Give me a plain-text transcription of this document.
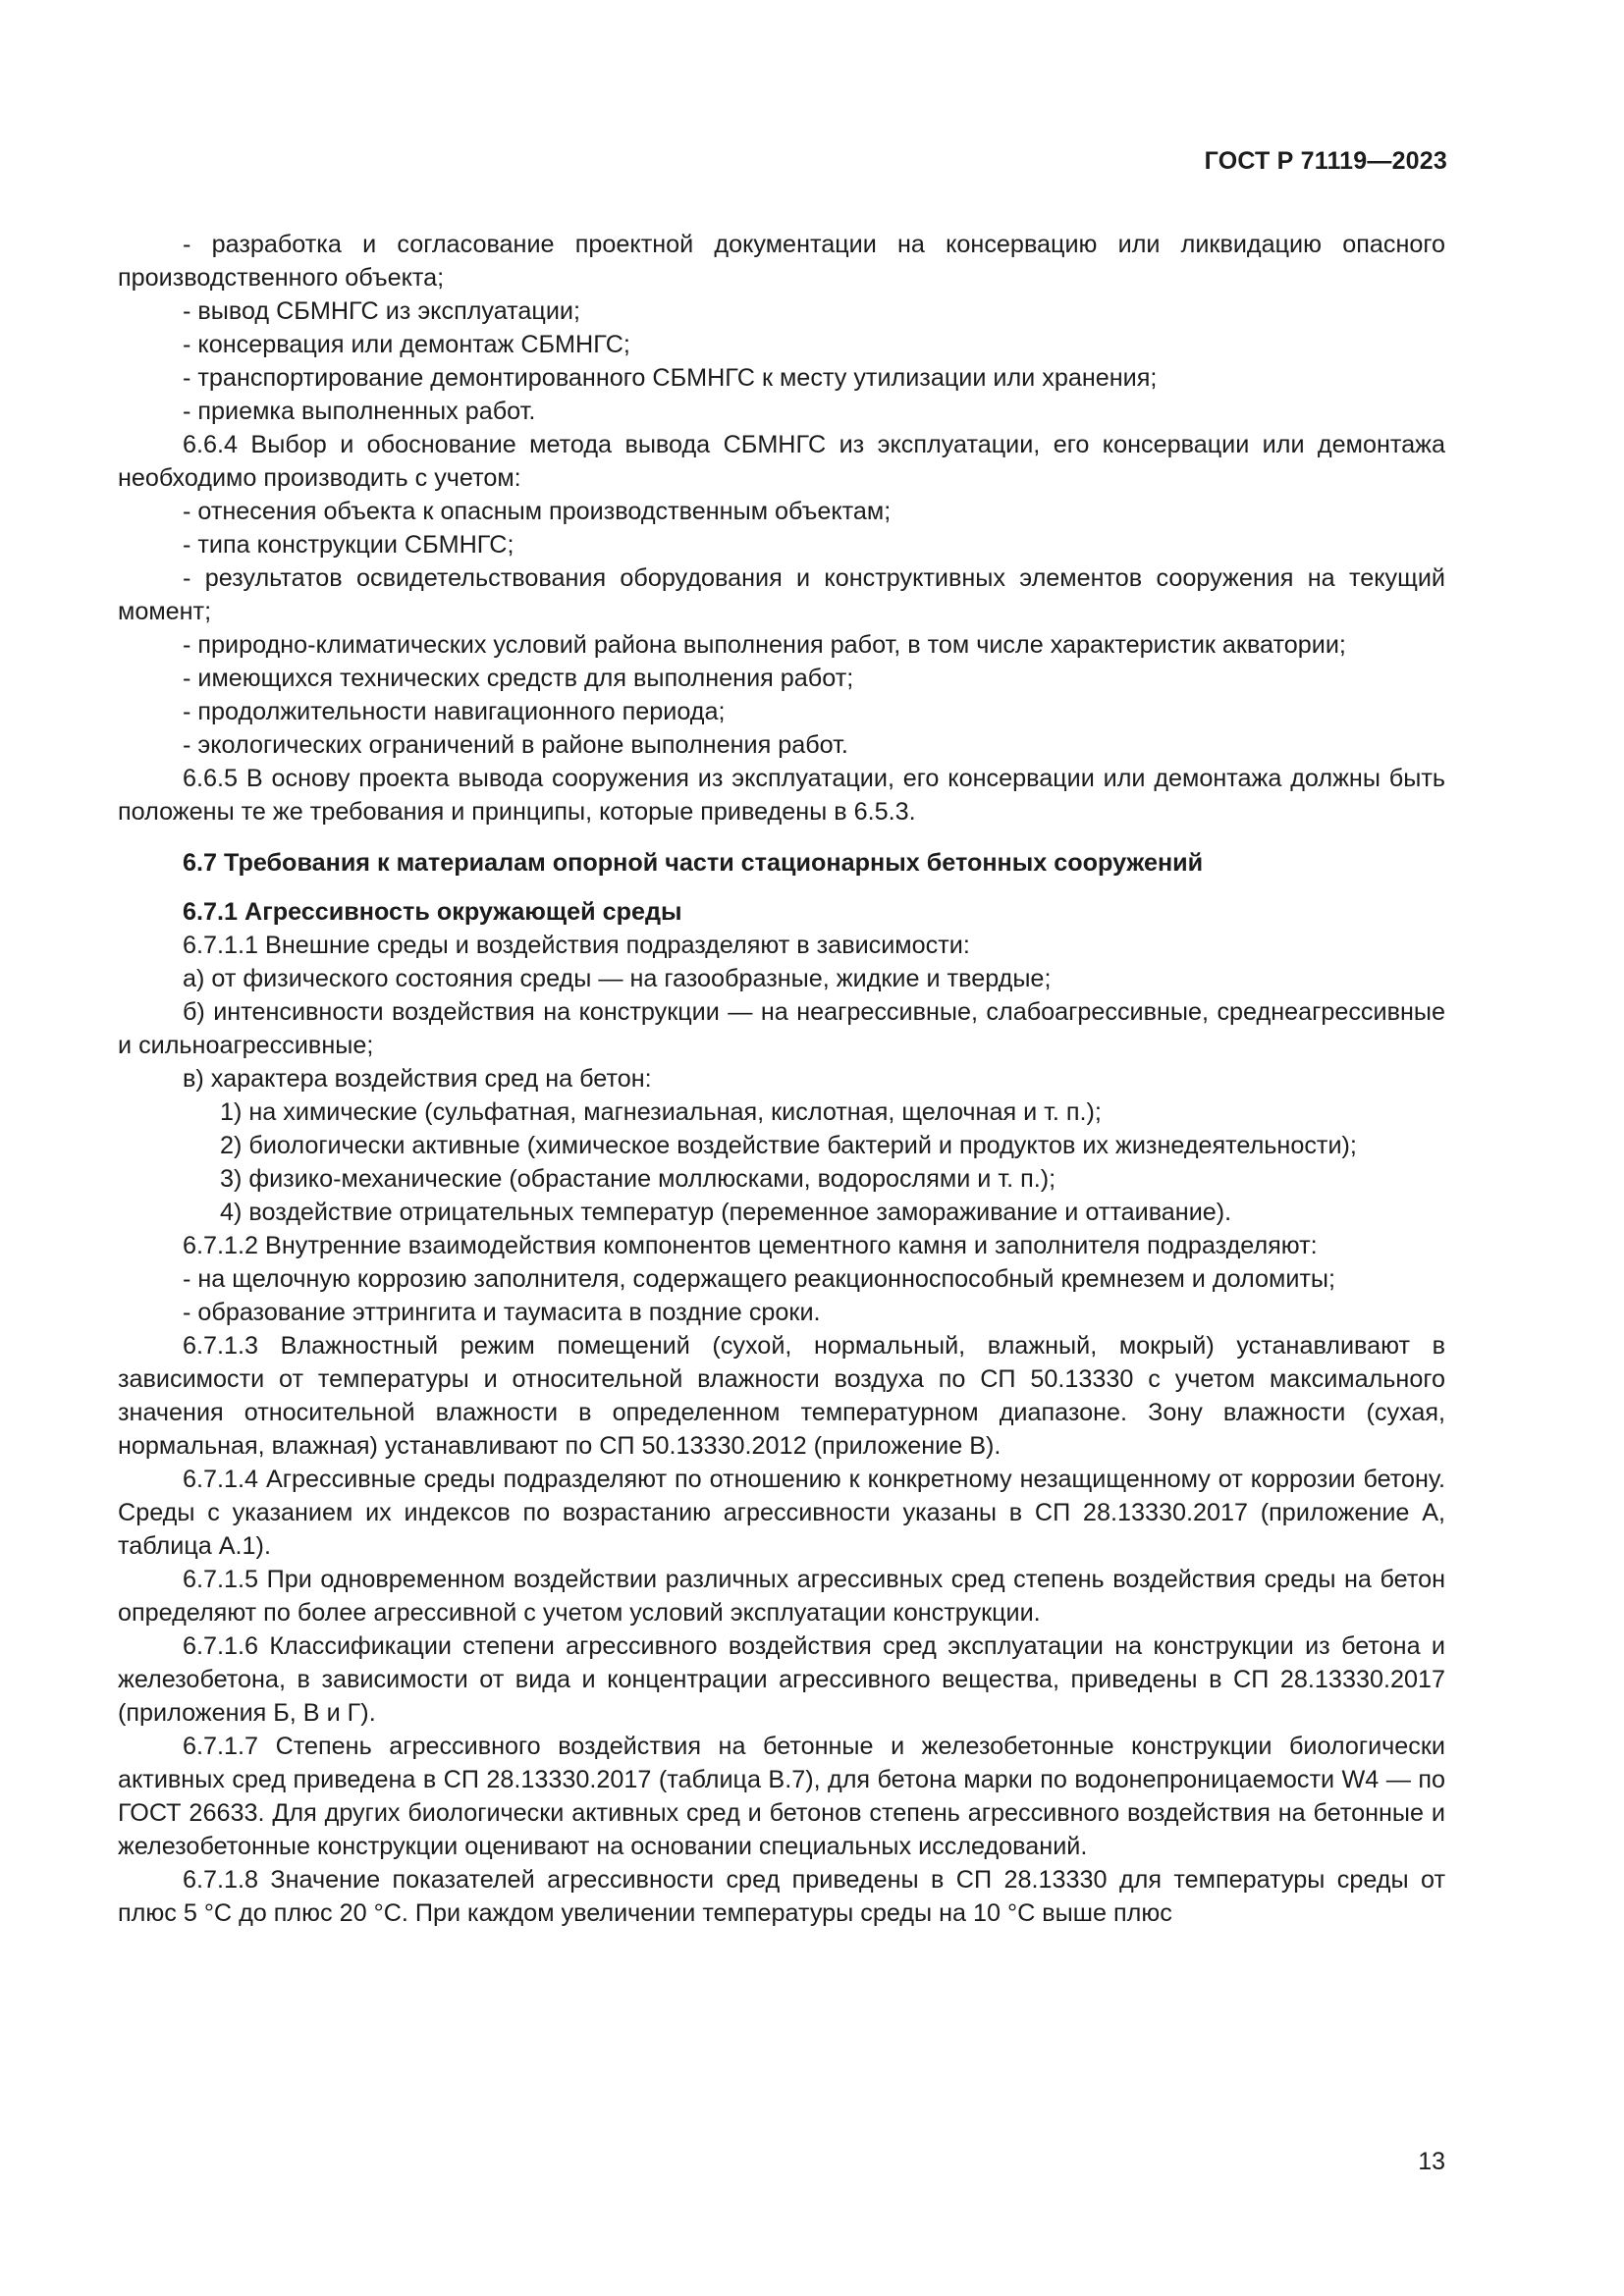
ГОСТ Р 71119—2023

- разработка и согласование проектной документации на консервацию или ликвидацию опасного производственного объекта;

- вывод СБМНГС из эксплуатации;

- консервация или демонтаж СБМНГС;

- транспортирование демонтированного СБМНГС к месту утилизации или хранения;

- приемка выполненных работ.

6.6.4 Выбор и обоснование метода вывода СБМНГС из эксплуатации, его консервации или демонтажа необходимо производить с учетом:

- отнесения объекта к опасным производственным объектам;

- типа конструкции СБМНГС;

- результатов освидетельствования оборудования и конструктивных элементов сооружения на текущий момент;

- природно-климатических условий района выполнения работ, в том числе характеристик акватории;

- имеющихся технических средств для выполнения работ;

- продолжительности навигационного периода;

- экологических ограничений в районе выполнения работ.

6.6.5 В основу проекта вывода сооружения из эксплуатации, его консервации или демонтажа должны быть положены те же требования и принципы, которые приведены в 6.5.3.

6.7 Требования к материалам опорной части стационарных бетонных сооружений

6.7.1 Агрессивность окружающей среды

6.7.1.1 Внешние среды и воздействия подразделяют в зависимости:

а) от физического состояния среды — на газообразные, жидкие и твердые;

б) интенсивности воздействия на конструкции — на неагрессивные, слабоагрессивные, среднеагрессивные и сильноагрессивные;

в) характера воздействия сред на бетон:

1) на химические (сульфатная, магнезиальная, кислотная, щелочная и т. п.);

2) биологически активные (химическое воздействие бактерий и продуктов их жизнедеятельности);

3) физико-механические (обрастание моллюсками, водорослями и т. п.);

4) воздействие отрицательных температур (переменное замораживание и оттаивание).

6.7.1.2 Внутренние взаимодействия компонентов цементного камня и заполнителя подразделяют:

- на щелочную коррозию заполнителя, содержащего реакционноспособный кремнезем и доломиты;

- образование эттрингита и таумасита в поздние сроки.

6.7.1.3 Влажностный режим помещений (сухой, нормальный, влажный, мокрый) устанавливают в зависимости от температуры и относительной влажности воздуха по СП 50.13330 с учетом максимального значения относительной влажности в определенном температурном диапазоне. Зону влажности (сухая, нормальная, влажная) устанавливают по СП 50.13330.2012 (приложение В).

6.7.1.4 Агрессивные среды подразделяют по отношению к конкретному незащищенному от коррозии бетону. Среды с указанием их индексов по возрастанию агрессивности указаны в СП 28.13330.2017 (приложение А, таблица А.1).

6.7.1.5 При одновременном воздействии различных агрессивных сред степень воздействия среды на бетон определяют по более агрессивной с учетом условий эксплуатации конструкции.

6.7.1.6 Классификации степени агрессивного воздействия сред эксплуатации на конструкции из бетона и железобетона, в зависимости от вида и концентрации агрессивного вещества, приведены в СП 28.13330.2017 (приложения Б, В и Г).

6.7.1.7 Степень агрессивного воздействия на бетонные и железобетонные конструкции биологически активных сред приведена в СП 28.13330.2017 (таблица В.7), для бетона марки по водонепроницаемости W4 — по ГОСТ 26633. Для других биологически активных сред и бетонов степень агрессивного воздействия на бетонные и железобетонные конструкции оценивают на основании специальных исследований.

6.7.1.8 Значение показателей агрессивности сред приведены в СП 28.13330 для температуры среды от плюс 5 °С до плюс 20 °С. При каждом увеличении температуры среды на 10 °С выше плюс

13
